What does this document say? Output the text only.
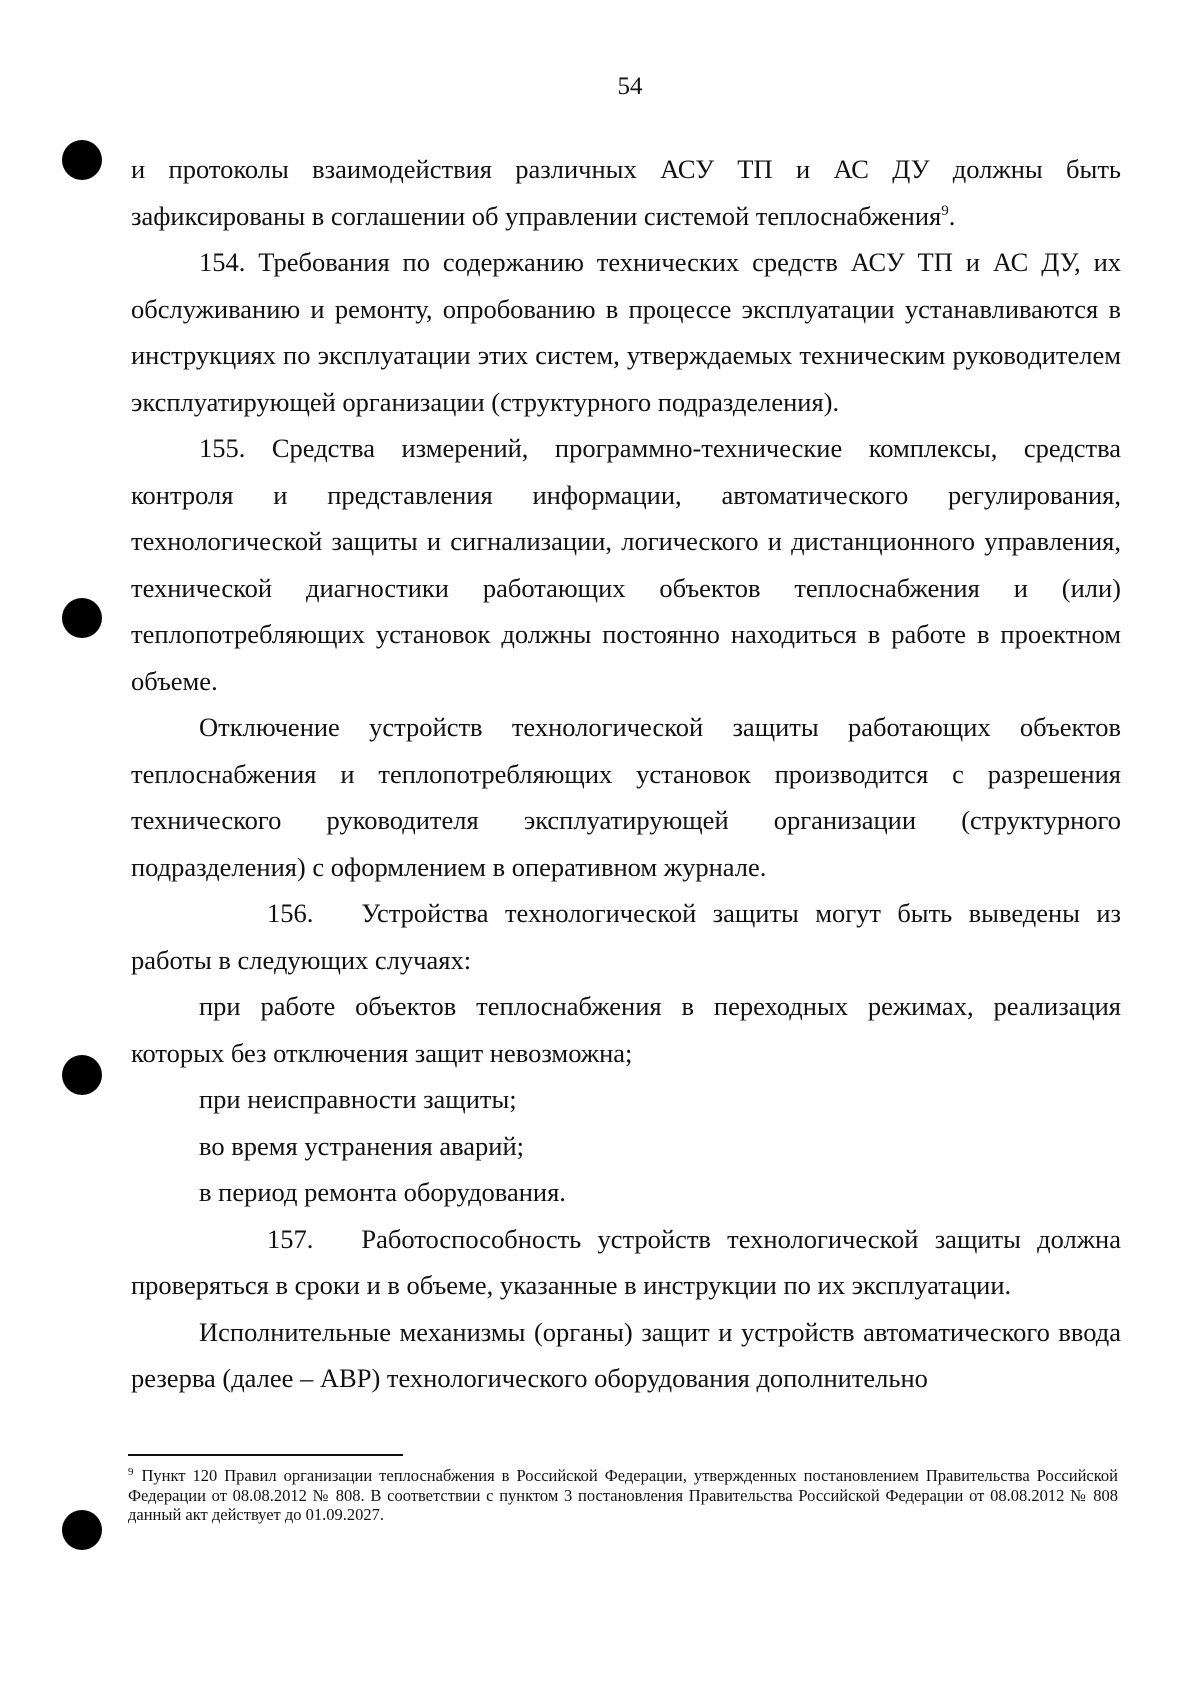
54

и протоколы взаимодействия различных АСУ ТП и АС ДУ должны быть зафиксированы в соглашении об управлении системой теплоснабжения$^9$.

154. Требования по содержанию технических средств АСУ ТП и АС ДУ, их обслуживанию и ремонту, опробованию в процессе эксплуатации устанавливаются в инструкциях по эксплуатации этих систем, утверждаемых техническим руководителем эксплуатирующей организации (структурного подразделения).

155. Средства измерений, программно-технические комплексы, средства контроля и представления информации, автоматического регулирования, технологической защиты и сигнализации, логического и дистанционного управления, технической диагностики работающих объектов теплоснабжения и (или) теплопотребляющих установок должны постоянно находиться в работе в проектном объеме.

Отключение устройств технологической защиты работающих объектов теплоснабжения и теплопотребляющих установок производится с разрешения технического руководителя эксплуатирующей организации (структурного подразделения) с оформлением в оперативном журнале.

156. Устройства технологической защиты могут быть выведены из работы в следующих случаях:

при работе объектов теплоснабжения в переходных режимах, реализация которых без отключения защит невозможна;

при неисправности защиты;

во время устранения аварий;

в период ремонта оборудования.

157. Работоспособность устройств технологической защиты должна проверяться в сроки и в объеме, указанные в инструкции по их эксплуатации.

Исполнительные механизмы (органы) защит и устройств автоматического ввода резерва (далее – АВР) технологического оборудования дополнительно

$^9$ Пункт 120 Правил организации теплоснабжения в Российской Федерации, утвержденных постановлением Правительства Российской Федерации от 08.08.2012 № 808. В соответствии с пунктом 3 постановления Правительства Российской Федерации от 08.08.2012 № 808 данный акт действует до 01.09.2027.
